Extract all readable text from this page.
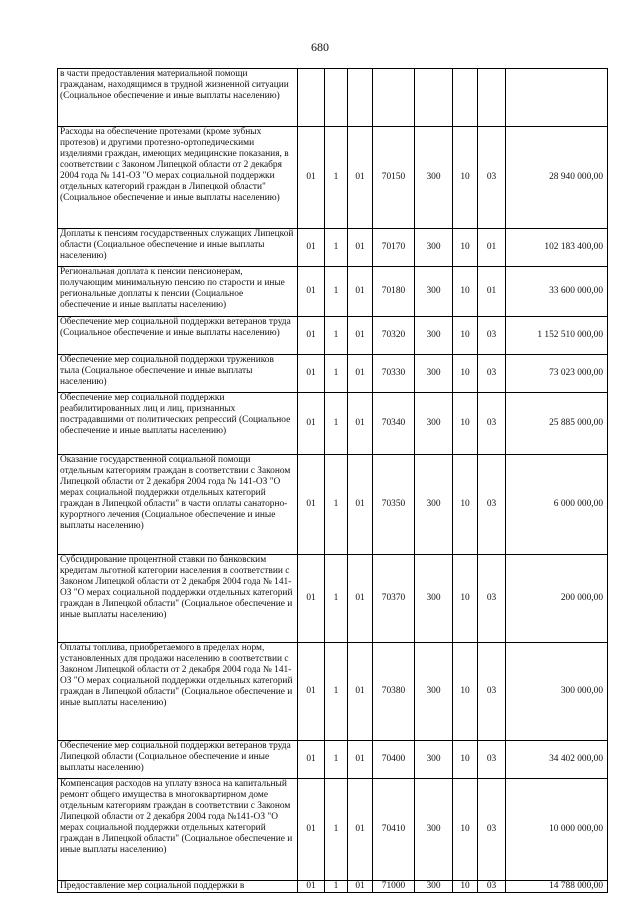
680
в части предоставления материальной помощи гражданам, находящимся в трудной жизненной ситуации (Социальное обеспечение и иные выплаты населению)								
Расходы на обеспечение протезами (кроме зубных протезов) и другими протезно-ортопедическими изделиями граждан, имеющих медицинские показания, в соответствии с Законом Липецкой области от 2 декабря 2004 года № 141-ОЗ "О мерах социальной поддержки отдельных категорий граждан в Липецкой области" (Социальное обеспечение и иные выплаты населению)	01	1	01	70150	300	10	03	28 940 000,00
Доплаты к пенсиям государственных служащих Липецкой области (Социальное обеспечение и иные выплаты населению)	01	1	01	70170	300	10	01	102 183 400,00
Региональная доплата к пенсии пенсионерам, получающим минимальную пенсию по старости и иные региональные доплаты к пенсии (Социальное обеспечение и иные выплаты населению)	01	1	01	70180	300	10	01	33 600 000,00
Обеспечение мер социальной поддержки ветеранов труда (Социальное обеспечение и иные выплаты населению)	01	1	01	70320	300	10	03	1 152 510 000,00
Обеспечение мер социальной поддержки тружеников тыла (Социальное обеспечение и иные выплаты населению)	01	1	01	70330	300	10	03	73 023 000,00
Обеспечение мер социальной поддержки реабилитированных лиц и лиц, признанных пострадавшими от политических репрессий (Социальное обеспечение и иные выплаты населению)	01	1	01	70340	300	10	03	25 885 000,00
Оказание государственной социальной помощи отдельным категориям граждан в соответствии с Законом Липецкой области от 2 декабря 2004 года № 141-ОЗ "О мерах социальной поддержки отдельных категорий граждан в Липецкой области" в части оплаты санаторно-курортного лечения (Социальное обеспечение и иные выплаты населению)	01	1	01	70350	300	10	03	6 000 000,00
Субсидирование процентной ставки по банковским кредитам льготной категории населения в соответствии с Законом Липецкой области от 2 декабря 2004 года № 141-ОЗ "О мерах социальной поддержки отдельных категорий граждан в Липецкой области" (Социальное обеспечение и иные выплаты населению)	01	1	01	70370	300	10	03	200 000,00
Оплаты топлива, приобретаемого в пределах норм, установленных для продажи населению в соответствии с Законом Липецкой области от 2 декабря 2004 года № 141-ОЗ "О мерах социальной поддержки отдельных категорий граждан в Липецкой области" (Социальное обеспечение и иные выплаты населению)	01	1	01	70380	300	10	03	300 000,00
Обеспечение мер социальной поддержки ветеранов труда Липецкой области (Социальное обеспечение и иные выплаты населению)	01	1	01	70400	300	10	03	34 402 000,00
Компенсация расходов на уплату взноса на капитальный ремонт общего имущества в многоквартирном доме отдельным категориям граждан в соответствии с Законом Липецкой области от 2 декабря 2004 года №141-ОЗ "О мерах социальной поддержки отдельных категорий граждан в Липецкой области" (Социальное обеспечение и иные выплаты населению)	01	1	01	70410	300	10	03	10 000 000,00
Предоставление мер социальной поддержки в	01	1	01	71000	300	10	03	14 788 000,00
